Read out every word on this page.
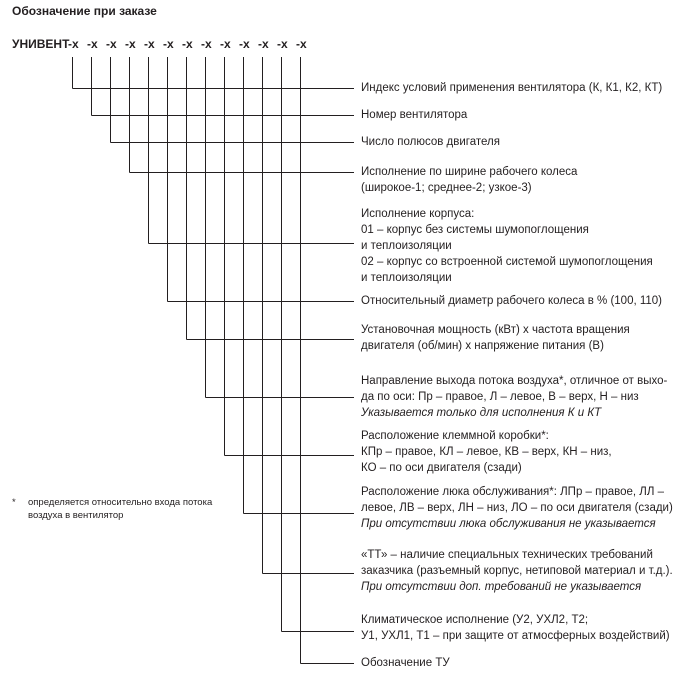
Обозначение при заказе
УНИВЕНТ
-x -x -x -x -x -x -x -x -x -x -x -x -x
* определяется относительно входа потока
воздуха в вентилятор
Индекс условий применения вентилятора (К, К1, К2, КТ)
Номер вентилятора
Число полюсов двигателя
Исполнение по ширине рабочего колеса
(широкое-1; среднее-2; узкое-3)
Исполнение корпуса:
01 – корпус без системы шумопоглощения
и теплоизоляции
02 – корпус со встроенной системой шумопоглощения
и теплоизоляции
Относительный диаметр рабочего колеса в % (100, 110)
Установочная мощность (кВт) х частота вращения
двигателя (об/мин) х напряжение питания (В)
Направление выхода потока воздуха*, отличное от выхо-
да по оси: Пр – правое, Л – левое, В – верх, Н – низ
Указывается только для исполнения К и КТ
Расположение клеммной коробки*:
КПр – правое, КЛ – левое, КВ – верх, КН – низ,
КО – по оси двигателя (сзади)
Расположение люка обслуживания*: ЛПр – правое, ЛЛ –
левое, ЛВ – верх, ЛН – низ, ЛО – по оси двигателя (сзади)
При отсутствии люка обслуживания не указывается
«ТТ» – наличие специальных технических требований
заказчика (разъемный корпус, нетиповой материал и т.д.).
При отсутствии доп. требований не указывается
Климатическое исполнение (У2, УХЛ2, Т2;
У1, УХЛ1, Т1 – при защите от атмосферных воздействий)
Обозначение ТУ
